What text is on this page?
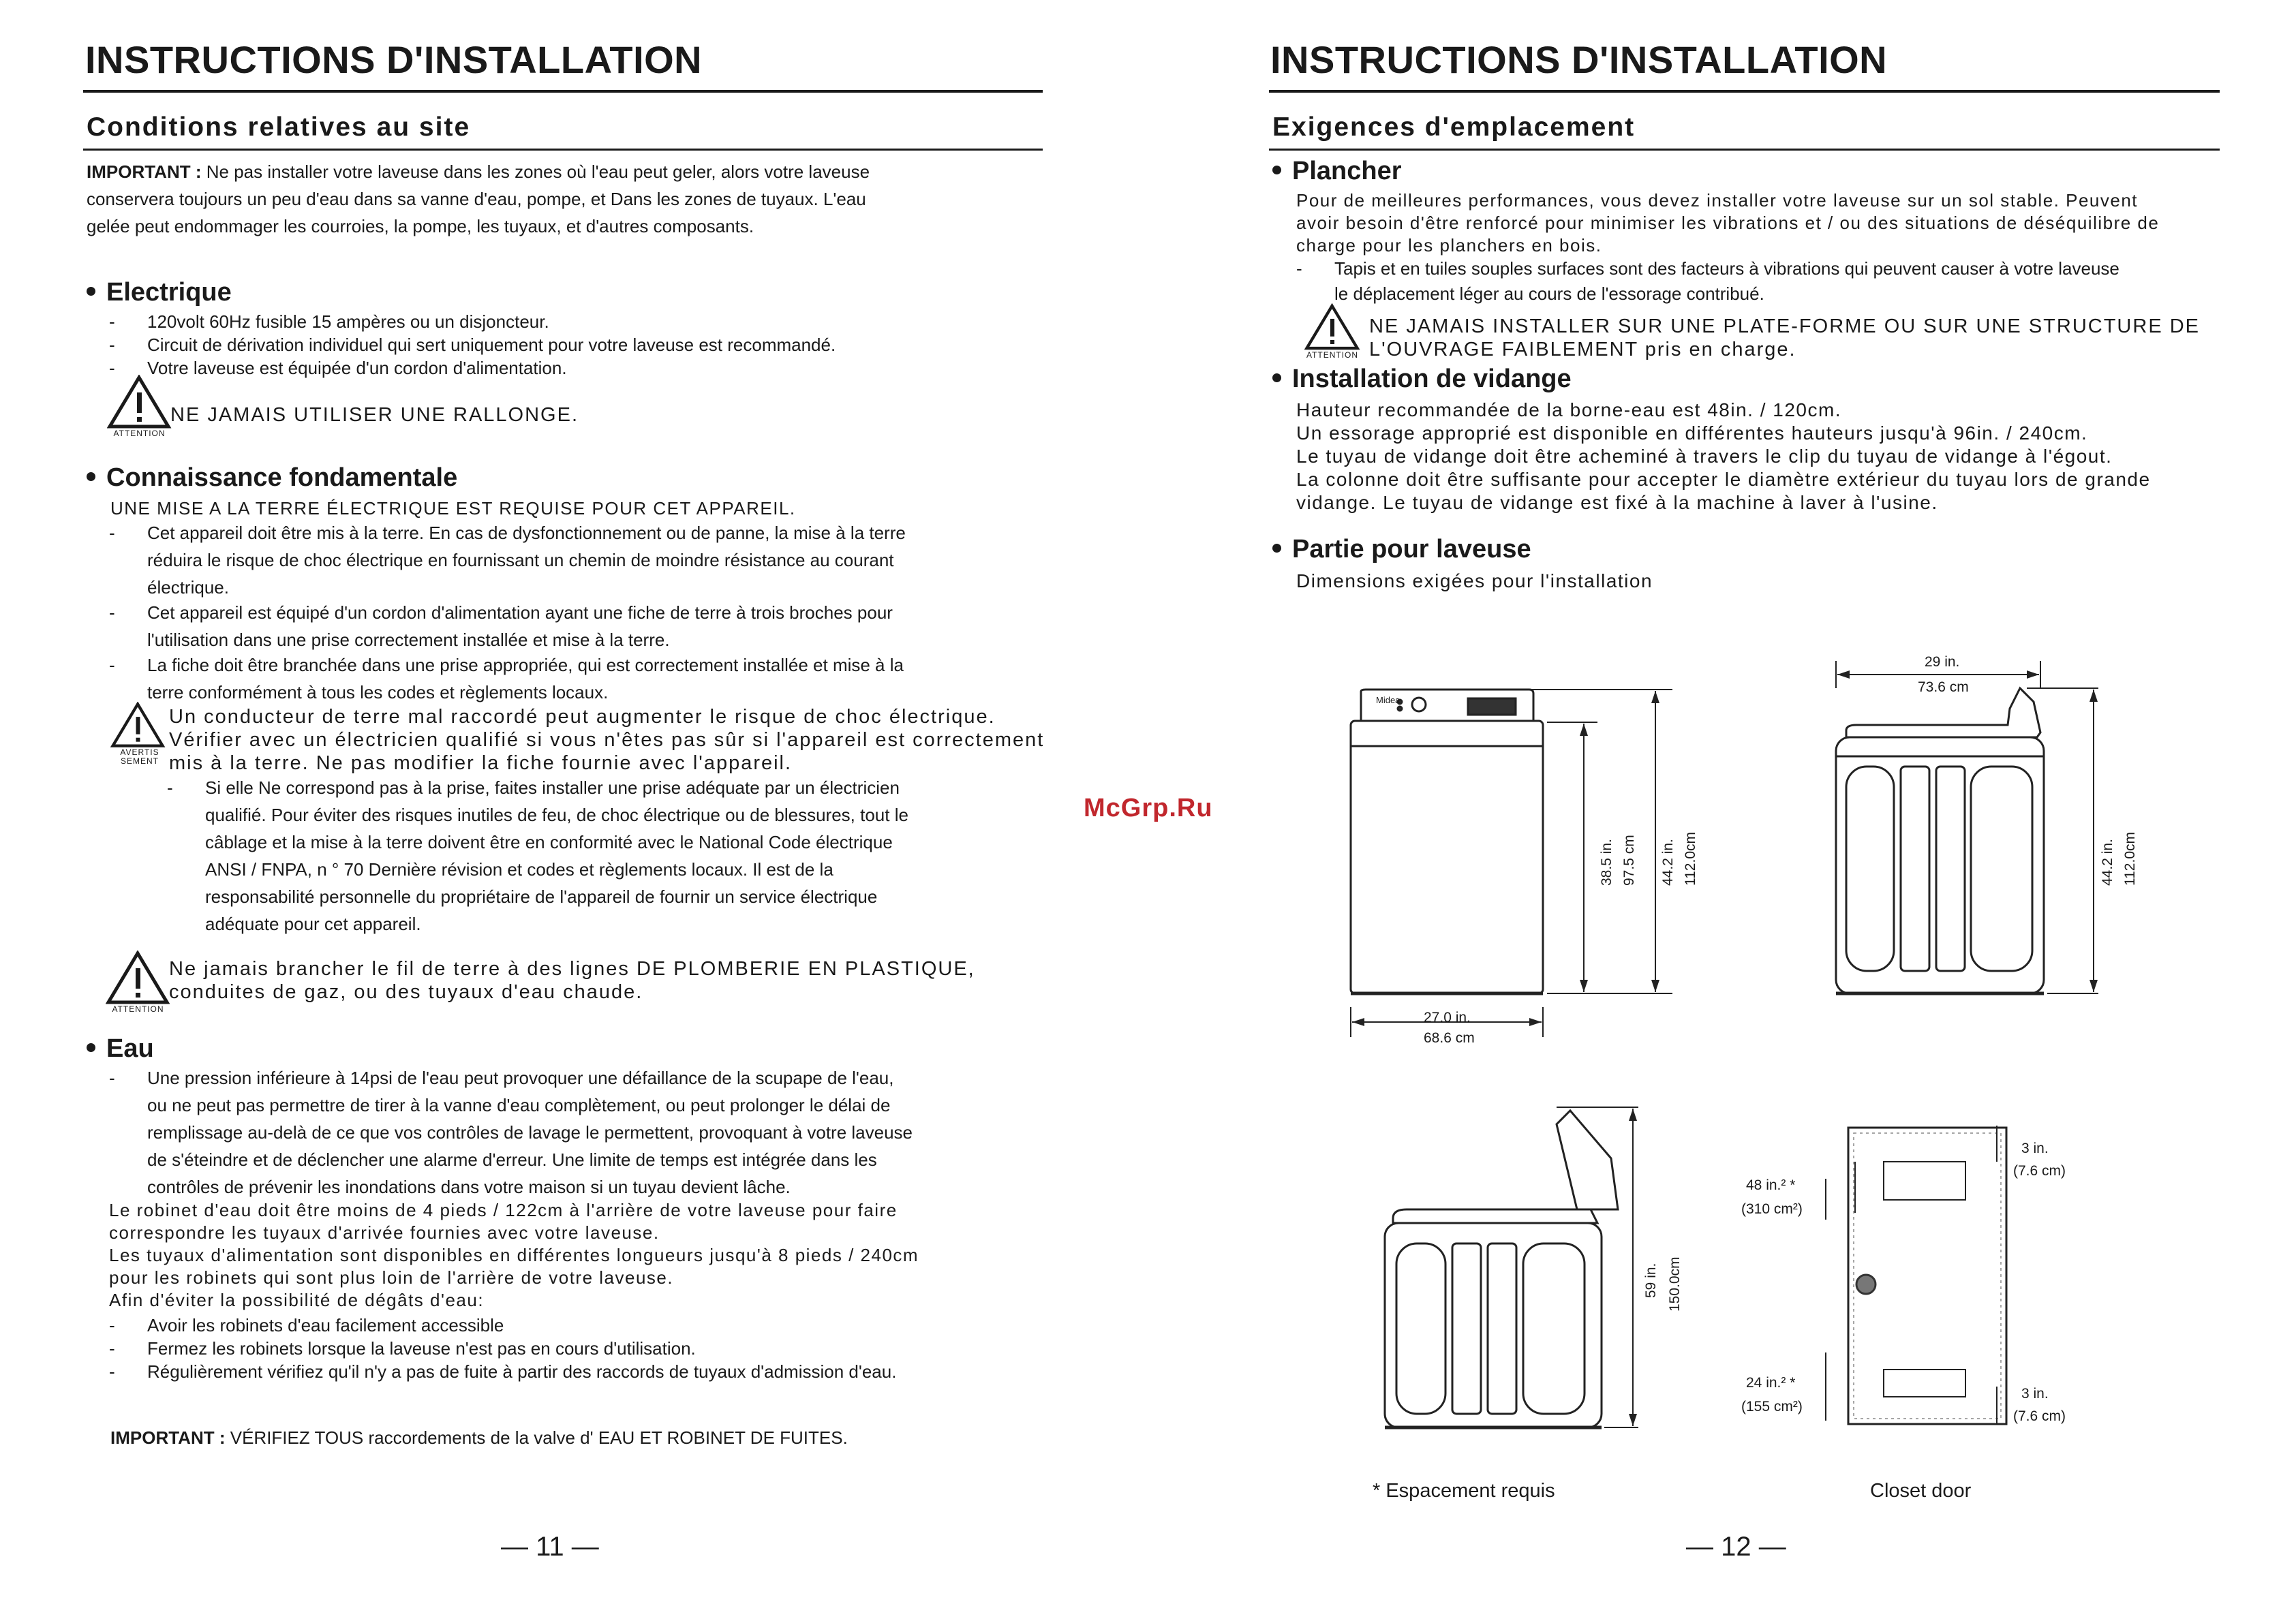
INSTRUCTIONS D'INSTALLATION
Conditions relatives au site

IMPORTANT : Ne pas installer votre laveuse dans les zones où l'eau peut geler, alors votre laveuse

conservera toujours un peu d'eau dans sa vanne d'eau, pompe, et Dans les zones de tuyaux. L'eau

gelée peut endommager les courroies, la pompe, les tuyaux, et d'autres composants.

Electrique

- 120volt 60Hz fusible 15 ampères ou un disjoncteur.

- Circuit de dérivation individuel qui sert uniquement pour votre laveuse est recommandé.

- Votre laveuse est équipée d'un cordon d'alimentation.

ATTENTION
NE JAMAIS UTILISER UNE RALLONGE.
Connaissance fondamentale
UNE MISE A LA TERRE ÉLECTRIQUE EST REQUISE POUR CET APPAREIL.

- Cet appareil doit être mis à la terre. En cas de dysfonctionnement ou de panne, la mise à la terre

réduira le risque de choc électrique en fournissant un chemin de moindre résistance au courant

électrique.

- Cet appareil est équipé d'un cordon d'alimentation ayant une fiche de terre à trois broches pour

l'utilisation dans une prise correctement installée et mise à la terre.

- La fiche doit être branchée dans une prise appropriée, qui est correctement installée et mise à la

terre conformément à tous les codes et règlements locaux.

AVERTIS
SEMENT
Un conducteur de terre mal raccordé peut augmenter le risque de choc électrique.
Vérifier avec un électricien qualifié si vous n'êtes pas sûr si l'appareil est correctement
mis à la terre. Ne pas modifier la fiche fournie avec l'appareil.

- Si elle Ne correspond pas à la prise, faites installer une prise adéquate par un électricien

qualifié. Pour éviter des risques inutiles de feu, de choc électrique ou de blessures, tout le

câblage et la mise à la terre doivent être en conformité avec le National Code électrique

ANSI / FNPA, n ° 70 Dernière révision et codes et règlements locaux. Il est de la

responsabilité personnelle du propriétaire de l'appareil de fournir un service électrique

adéquate pour cet appareil.

ATTENTION
Ne jamais brancher le fil de terre à des lignes DE PLOMBERIE EN PLASTIQUE,
conduites de gaz, ou des tuyaux d'eau chaude.
Eau

- Une pression inférieure à 14psi de l'eau peut provoquer une défaillance de la scupape de l'eau,

ou ne peut pas permettre de tirer à la vanne d'eau complètement, ou peut prolonger le délai de

remplissage au-delà de ce que vos contrôles de lavage le permettent, provoquant à votre laveuse

de s'éteindre et de déclencher une alarme d'erreur. Une limite de temps est intégrée dans les

contrôles de prévenir les inondations dans votre maison si un tuyau devient lâche.

Le robinet d'eau doit être moins de 4 pieds / 122cm à l'arrière de votre laveuse pour faire

correspondre les tuyaux d'arrivée fournies avec votre laveuse.

Les tuyaux d'alimentation sont disponibles en différentes longueurs jusqu'à 8 pieds / 240cm

pour les robinets qui sont plus loin de l'arrière de votre laveuse.

Afin d'éviter la possibilité de dégâts d'eau:

- Avoir les robinets d'eau facilement accessible

- Fermez les robinets lorsque la laveuse n'est pas en cours d'utilisation.

- Régulièrement vérifiez qu'il n'y a pas de fuite à partir des raccords de tuyaux d'admission d'eau.

IMPORTANT : VÉRIFIEZ TOUS raccordements de la valve d' EAU ET ROBINET DE FUITES.

— 11 —
INSTRUCTIONS D'INSTALLATION
Exigences d'emplacement
Plancher

Pour de meilleures performances, vous devez installer votre laveuse sur un sol stable. Peuvent

avoir besoin d'être renforcé pour minimiser les vibrations et / ou des situations de déséquilibre de

charge pour les planchers en bois.

- Tapis et en tuiles souples surfaces sont des facteurs à vibrations qui peuvent causer à votre laveuse

le déplacement léger au cours de l'essorage contribué.

ATTENTION
NE JAMAIS INSTALLER SUR UNE PLATE-FORME OU SUR UNE STRUCTURE DE
L'OUVRAGE FAIBLEMENT pris en charge.
Installation de vidange

Hauteur recommandée de la borne-eau est 48in. / 120cm.

Un essorage approprié est disponible en différentes hauteurs jusqu'à 96in. / 240cm.

Le tuyau de vidange doit être acheminé à travers le clip du tuyau de vidange à l'égout.

La colonne doit être suffisante pour accepter le diamètre extérieur du tuyau lors de grande

vidange. Le tuyau de vidange est fixé à la machine à laver à l'usine.

Partie pour laveuse
Dimensions exigées pour l'installation
27.0 in.
68.6 cm
38.5 in. 97.5 cm 44.2 in. 112.0cm
Midea
29 in.
73.6 cm
44.2 in. 112.0cm
59 in. 150.0cm
48 in.² *
(310 cm²)
24 in.² *
(155 cm²)
3 in.
(7.6 cm)
3 in.
(7.6 cm)
* Espacement requis	Closet door
— 12 —
McGrp.Ru
